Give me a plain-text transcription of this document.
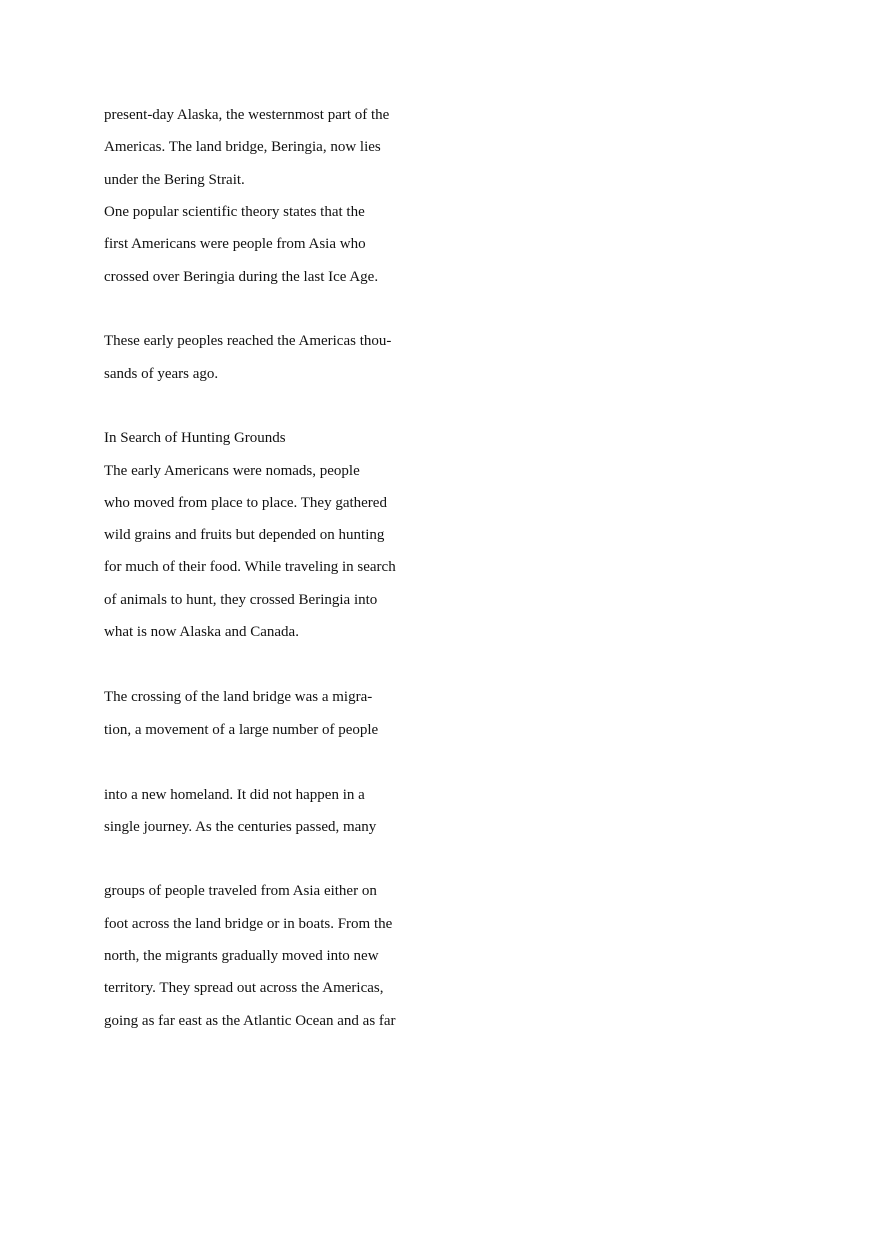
present-day Alaska, the westernmost part of the
Americas. The land bridge, Beringia, now lies
under the Bering Strait.
One popular scientific theory states that the
first Americans were people from Asia who
crossed over Beringia during the last Ice Age.
These early peoples reached the Americas thou-
sands of years ago.
In Search of Hunting Grounds
The early Americans were nomads, people
who moved from place to place. They gathered
wild grains and fruits but depended on hunting
for much of their food. While traveling in search
of animals to hunt, they crossed Beringia into
what is now Alaska and Canada.
The crossing of the land bridge was a migra-
tion, a movement of a large number of people
into a new homeland. It did not happen in a
single journey. As the centuries passed, many
groups of people traveled from Asia either on
foot across the land bridge or in boats. From the
north, the migrants gradually moved into new
territory. They spread out across the Americas,
going as far east as the Atlantic Ocean and as far
